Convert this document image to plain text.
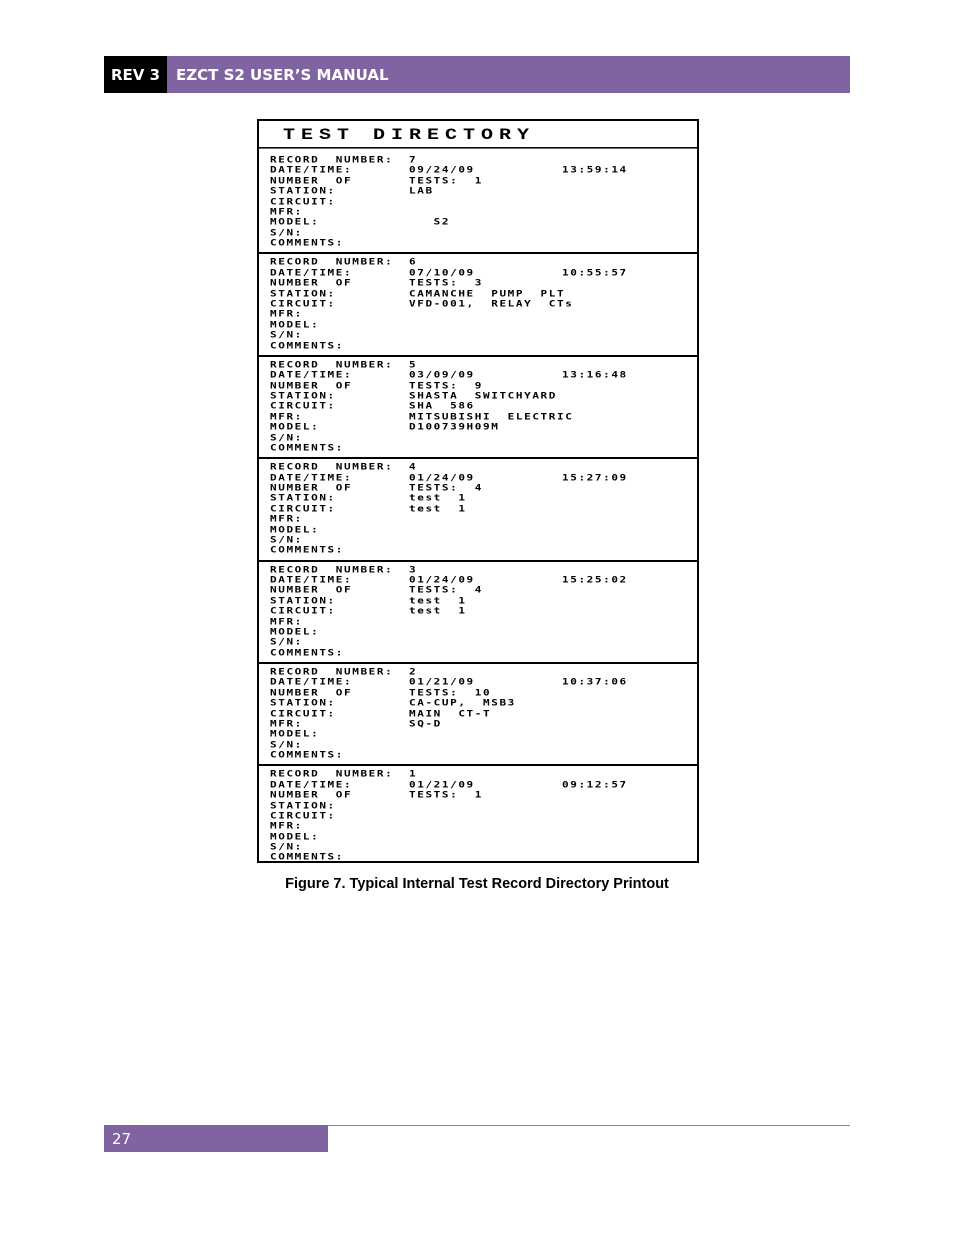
REV 3	EZCT S2 USER’S MANUAL
TEST DIRECTORY
RECORD  NUMBER:	7
DATE/TIME:	09/24/09	13:59:14
NUMBER  OF	TESTS:  1
STATION:	LAB
CIRCUIT:
MFR:
MODEL:	S2
S/N:
COMMENTS:
RECORD  NUMBER:	6
DATE/TIME:	07/10/09	10:55:57
NUMBER  OF	TESTS:  3
STATION:	CAMANCHE  PUMP  PLT
CIRCUIT:	VFD-001,  RELAY  CTs
MFR:
MODEL:
S/N:
COMMENTS:
RECORD  NUMBER:	5
DATE/TIME:	03/09/09	13:16:48
NUMBER  OF	TESTS:  9
STATION:	SHASTA  SWITCHYARD
CIRCUIT:	SHA  586
MFR:	MITSUBISHI  ELECTRIC
MODEL:	D100739H09M
S/N:
COMMENTS:
RECORD  NUMBER:	4
DATE/TIME:	01/24/09	15:27:09
NUMBER  OF	TESTS:  4
STATION:	test  1
CIRCUIT:	test  1
MFR:
MODEL:
S/N:
COMMENTS:
RECORD  NUMBER:	3
DATE/TIME:	01/24/09	15:25:02
NUMBER  OF	TESTS:  4
STATION:	test  1
CIRCUIT:	test  1
MFR:
MODEL:
S/N:
COMMENTS:
RECORD  NUMBER:	2
DATE/TIME:	01/21/09	10:37:06
NUMBER  OF	TESTS:  10
STATION:	CA-CUP,  MSB3
CIRCUIT:	MAIN  CT-T
MFR:	SQ-D
MODEL:
S/N:
COMMENTS:
RECORD  NUMBER:	1
DATE/TIME:	01/21/09	09:12:57
NUMBER  OF	TESTS:  1
STATION:
CIRCUIT:
MFR:
MODEL:
S/N:
COMMENTS:
Figure 7. Typical Internal Test Record Directory Printout
27
